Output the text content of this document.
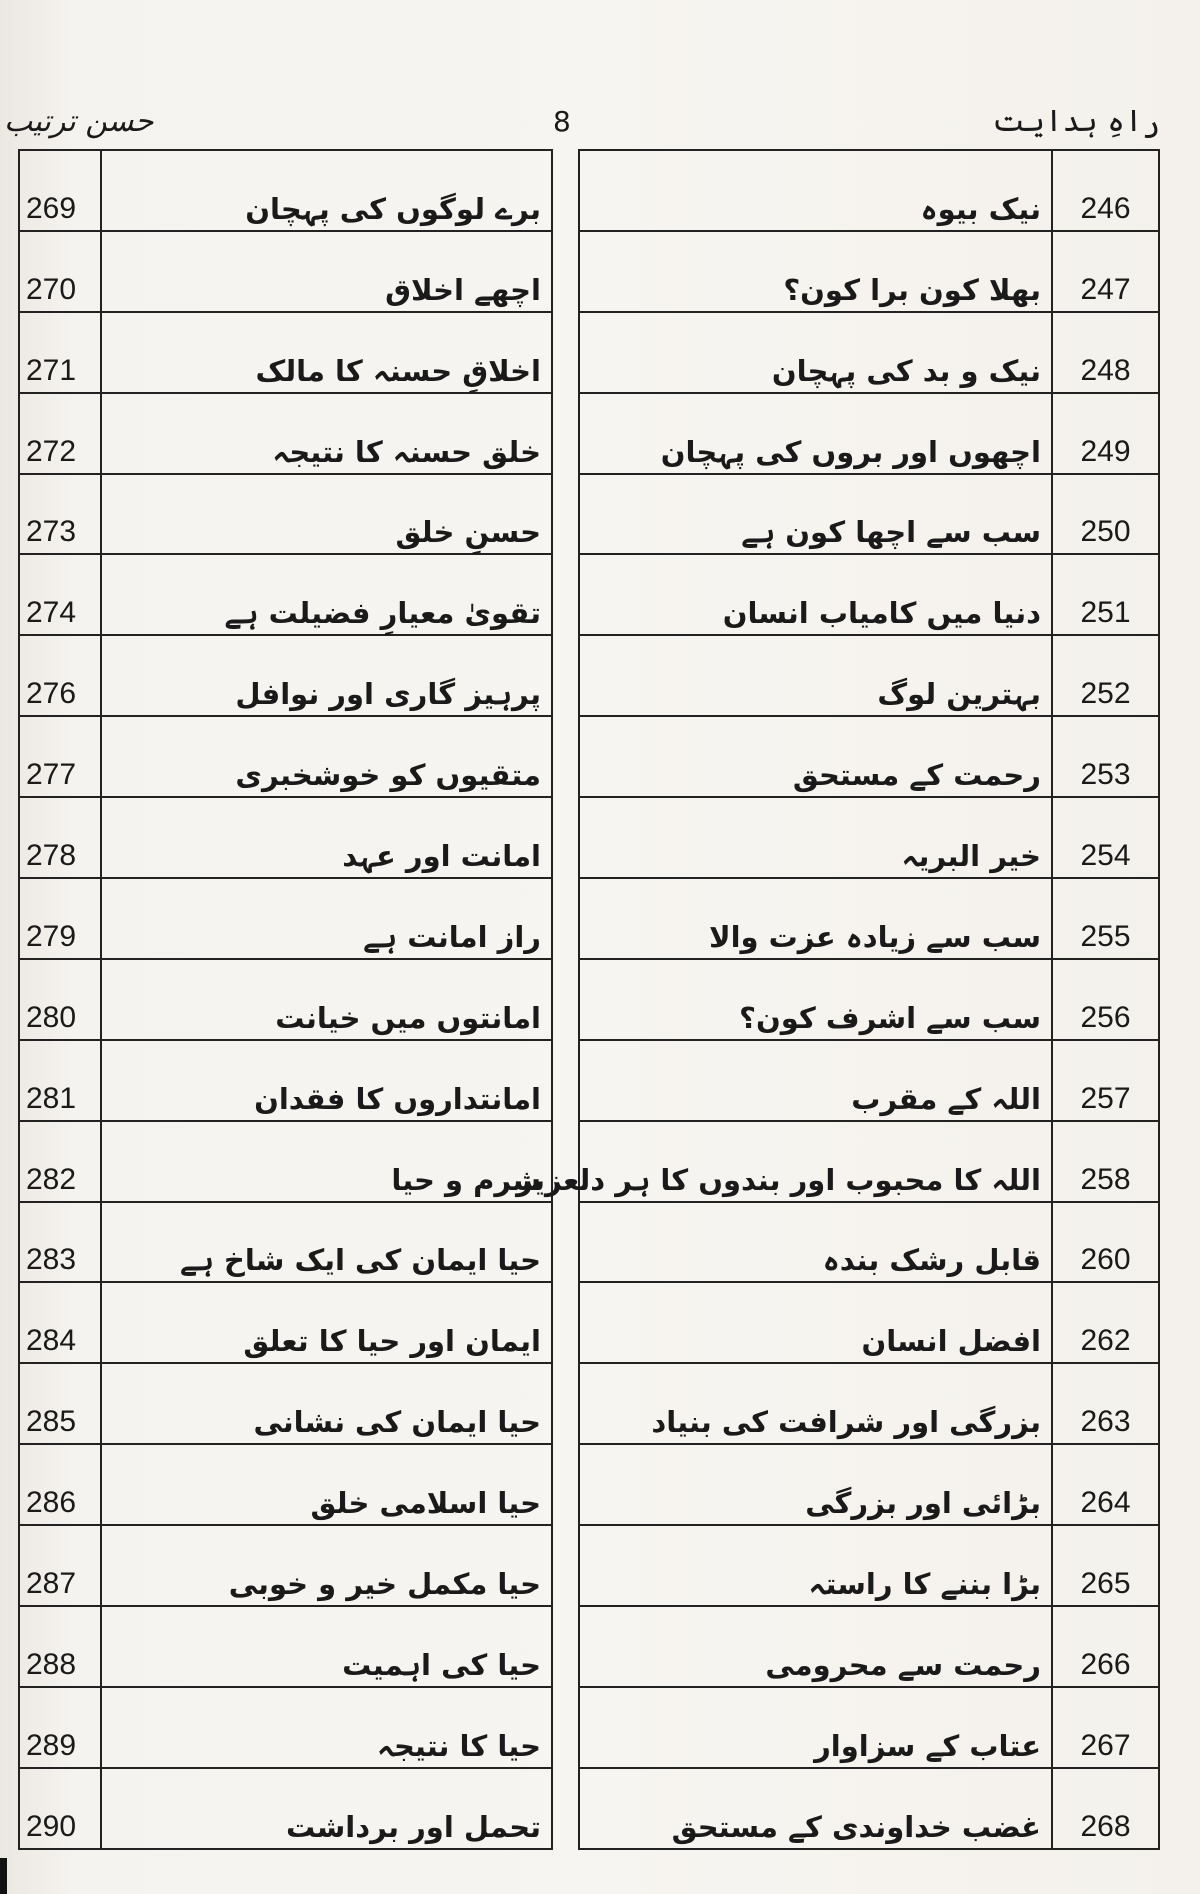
حسن ترتیب	8	راہِ ہدایت
269	برے لوگوں کی پہچان
270	اچھے اخلاق
271	اخلاقِ حسنہ کا مالک
272	خلق حسنہ کا نتیجہ
273	حسنِ خلق
274	تقویٰ معیارِ فضیلت ہے
276	پرہیز گاری اور نوافل
277	متقیوں کو خوشخبری
278	امانت اور عہد
279	راز امانت ہے
280	امانتوں میں خیانت
281	امانتداروں کا فقدان
282	شرم و حیا
283	حیا ایمان کی ایک شاخ ہے
284	ایمان اور حیا کا تعلق
285	حیا ایمان کی نشانی
286	حیا اسلامی خلق
287	حیا مکمل خیر و خوبی
288	حیا کی اہمیت
289	حیا کا نتیجہ
290	تحمل اور برداشت
نیک بیوہ	246
بھلا کون برا کون؟	247
نیک و بد کی پہچان	248
اچھوں اور بروں کی پہچان	249
سب سے اچھا کون ہے	250
دنیا میں کامیاب انسان	251
بہترین لوگ	252
رحمت کے مستحق	253
خیر البریہ	254
سب سے زیادہ عزت والا	255
سب سے اشرف کون؟	256
اللہ کے مقرب	257
اللہ کا محبوب اور بندوں کا ہر دلعزیز	258
قابل رشک بندہ	260
افضل انسان	262
بزرگی اور شرافت کی بنیاد	263
بڑائی اور بزرگی	264
بڑا بننے کا راستہ	265
رحمت سے محرومی	266
عتاب کے سزاوار	267
غضب خداوندی کے مستحق	268
